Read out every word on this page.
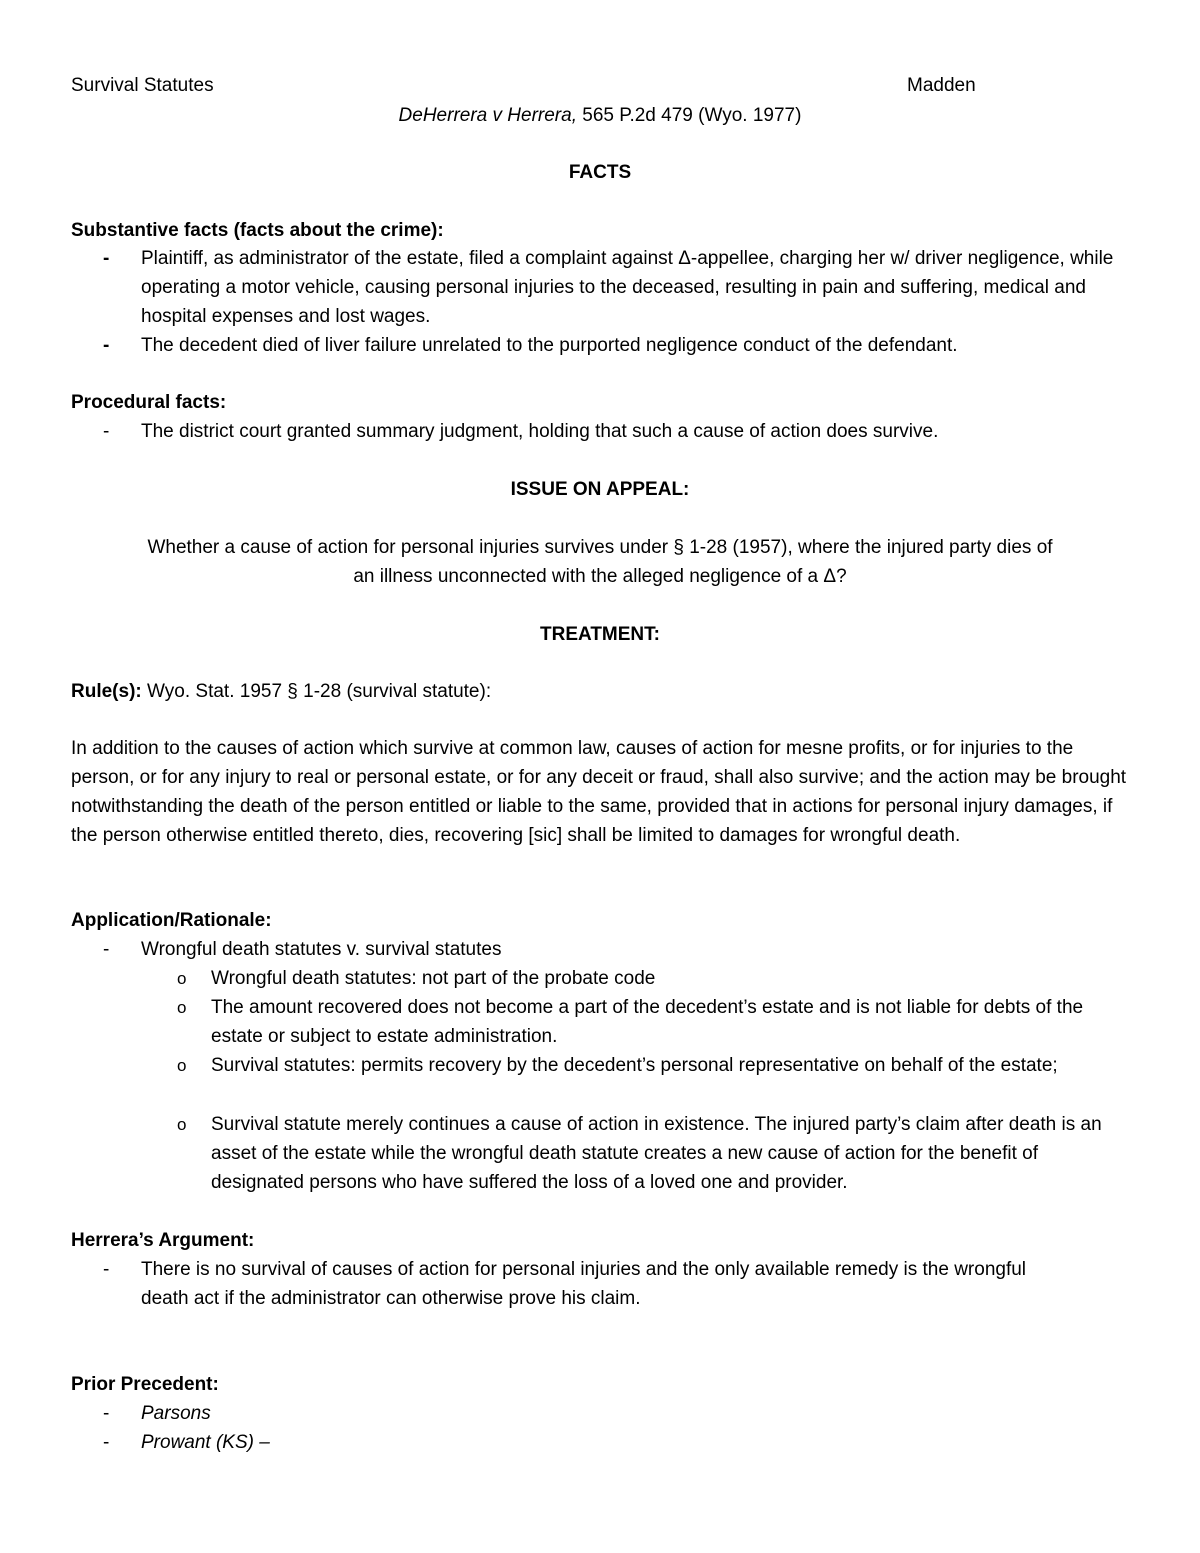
Survival Statutes	Madden
DeHerrera v Herrera, 565 P.2d 479 (Wyo. 1977)
FACTS
Substantive facts (facts about the crime):
- Plaintiff, as administrator of the estate, filed a complaint against Δ-appellee, charging her w/ driver negligence, while operating a motor vehicle, causing personal injuries to the deceased, resulting in pain and suffering, medical and hospital expenses and lost wages.
- The decedent died of liver failure unrelated to the purported negligence conduct of the defendant.
Procedural facts:
- The district court granted summary judgment, holding that such a cause of action does survive.
ISSUE ON APPEAL:
Whether a cause of action for personal injuries survives under § 1-28 (1957), where the injured party dies of
an illness unconnected with the alleged negligence of a Δ?
TREATMENT:
Rule(s): Wyo. Stat. 1957 § 1-28 (survival statute):
In addition to the causes of action which survive at common law, causes of action for mesne profits, or for injuries to the person, or for any injury to real or personal estate, or for any deceit or fraud, shall also survive; and the action may be brought notwithstanding the death of the person entitled or liable to the same, provided that in actions for personal injury damages, if the person otherwise entitled thereto, dies, recovering [sic] shall be limited to damages for wrongful death.
Application/Rationale:
- Wrongful death statutes v. survival statutes
o Wrongful death statutes: not part of the probate code
o The amount recovered does not become a part of the decedent’s estate and is not liable for debts of the estate or subject to estate administration.
o Survival statutes: permits recovery by the decedent’s personal representative on behalf of the estate;
o Survival statute merely continues a cause of action in existence. The injured party’s claim after death is an asset of the estate while the wrongful death statute creates a new cause of action for the benefit of designated persons who have suffered the loss of a loved one and provider.
Herrera’s Argument:
- There is no survival of causes of action for personal injuries and the only available remedy is the wrongful death act if the administrator can otherwise prove his claim.
Prior Precedent:
- Parsons
- Prowant (KS) –
